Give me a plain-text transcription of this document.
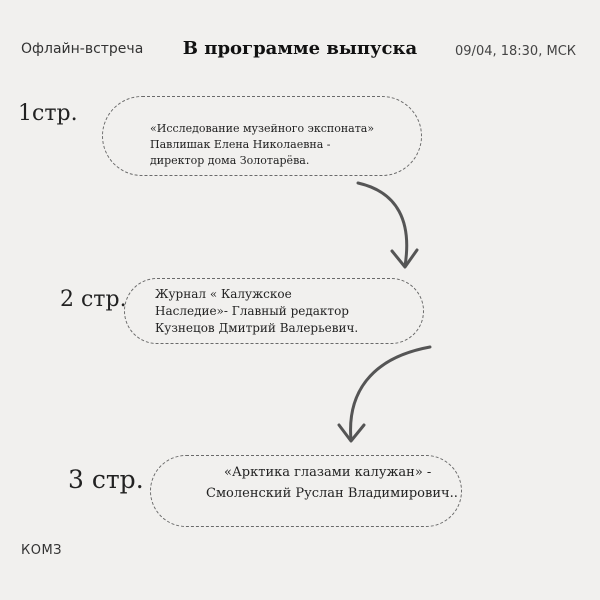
Офлайн-встреча	В программе выпуска	09/04, 18:30, МСК
1стр.
«Исследование музейного экспоната»
Павлишак Елена Николаевна -
директор дома Золотарёва.
2 стр. Журнал « Калужское
Наследие»- Главный редактор
Кузнецов Дмитрий Валерьевич.
3 стр.	«Арктика глазами калужан» -
Смоленский Руслан Владимирович..
КОМЗ
